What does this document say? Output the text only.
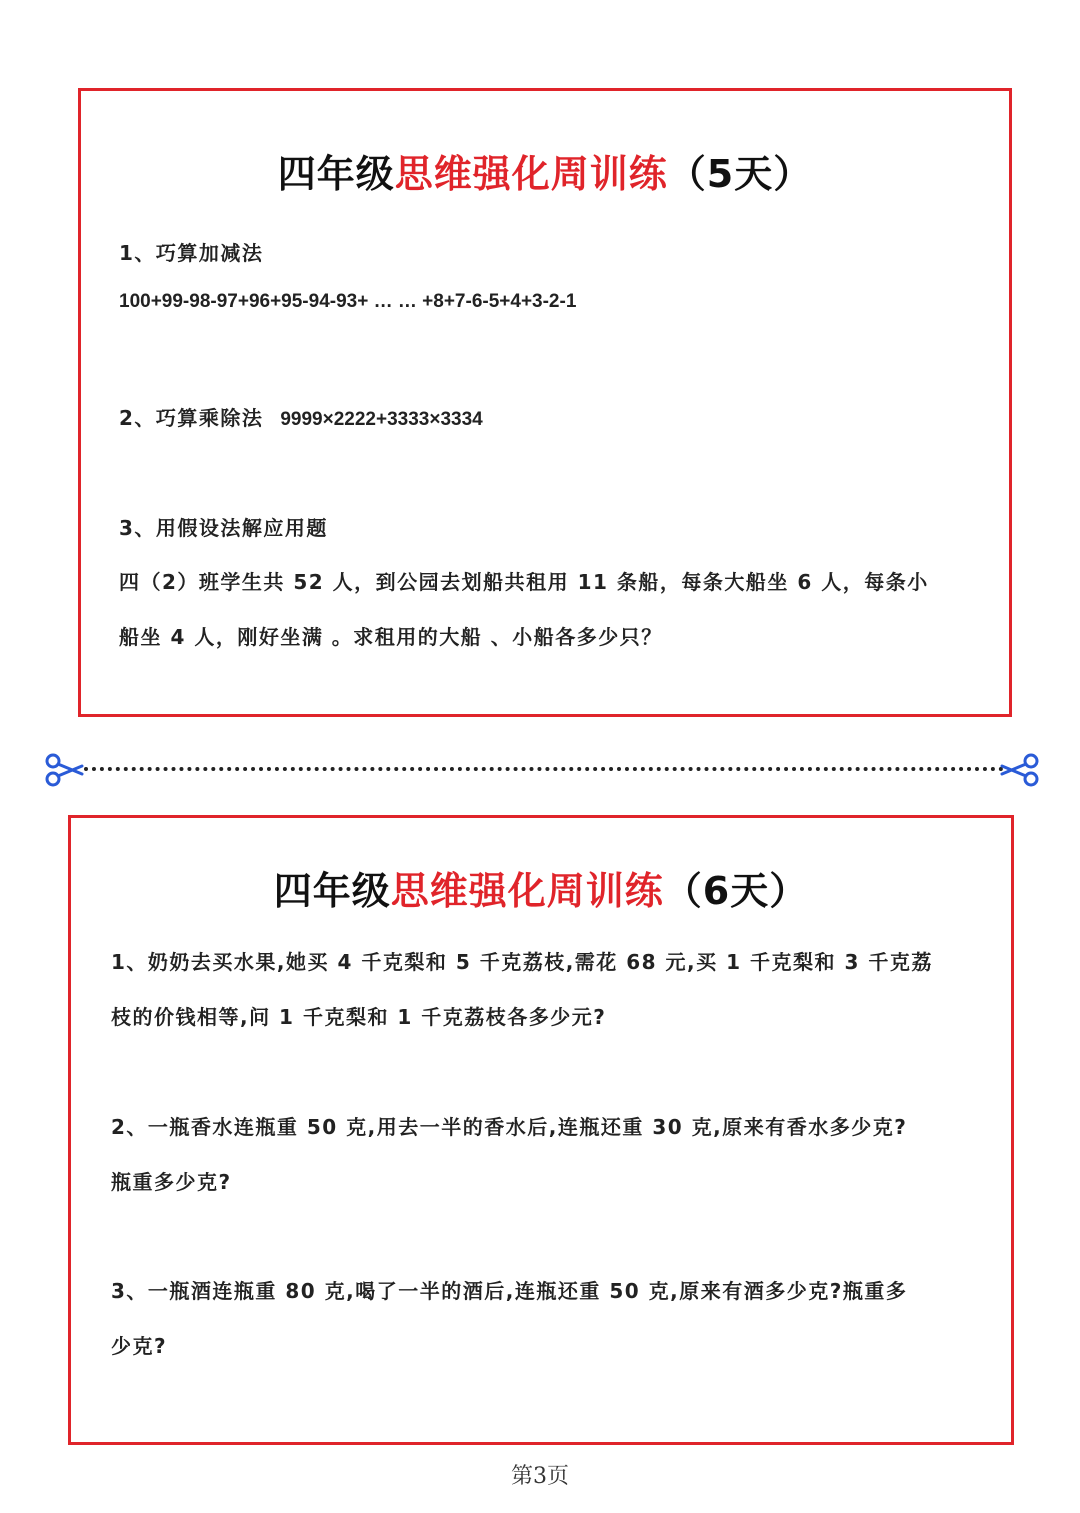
四年级思维强化周训练（5天）
1、巧算加减法
100+99-98-97+96+95-94-93+ … … +8+7-6-5+4+3-2-1
2、巧算乘除法 9999×2222+3333×3334
3、用假设法解应用题
四（2）班学生共 52 人，到公园去划船共租用 11 条船，每条大船坐 6 人，每条小
船坐 4 人，刚好坐满 。求租用的大船 、小船各多少只？
四年级思维强化周训练（6天）
1、奶奶去买水果,她买 4 千克梨和 5 千克荔枝,需花 68 元,买 1 千克梨和 3 千克荔
枝的价钱相等,问 1 千克梨和 1 千克荔枝各多少元?
2、一瓶香水连瓶重 50 克,用去一半的香水后,连瓶还重 30 克,原来有香水多少克?
瓶重多少克?
3、一瓶酒连瓶重 80 克,喝了一半的酒后,连瓶还重 50 克,原来有酒多少克?瓶重多
少克?
第3页
